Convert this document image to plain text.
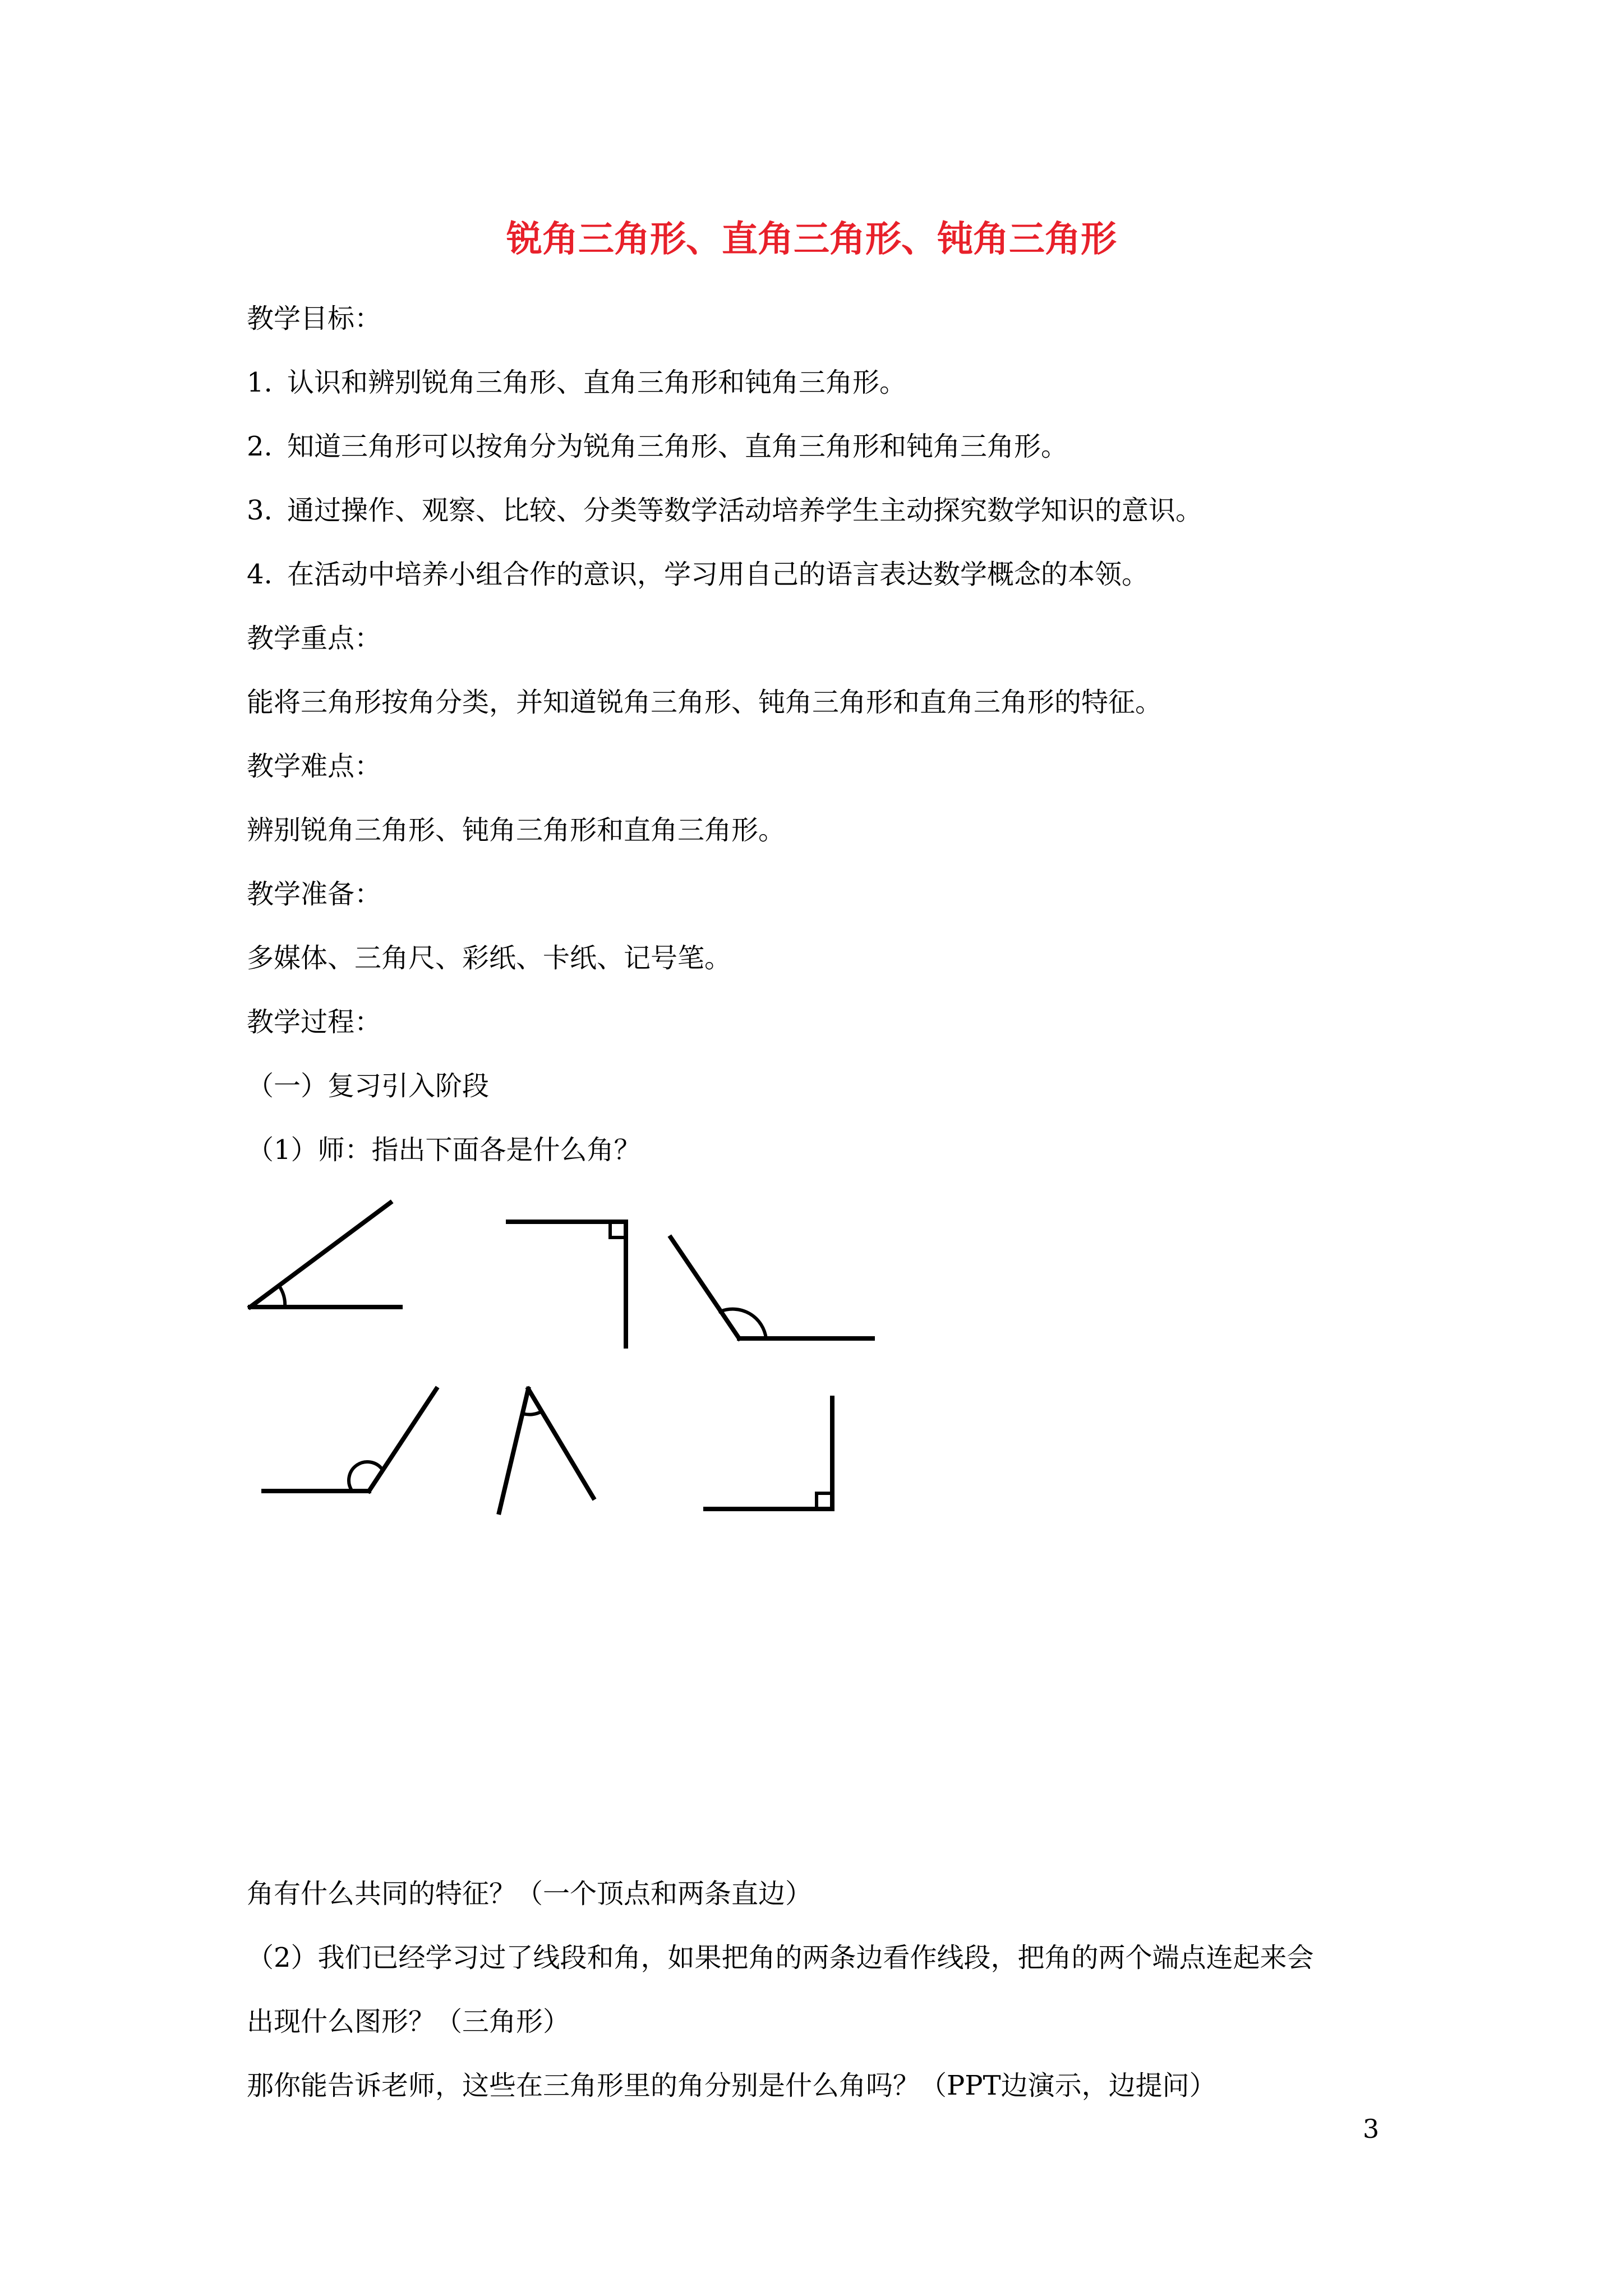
锐角三角形、直角三角形、钝角三角形
教学目标：
1. 认识和辨别锐角三角形、直角三角形和钝角三角形。
2. 知道三角形可以按角分为锐角三角形、直角三角形和钝角三角形。
3. 通过操作、观察、比较、分类等数学活动培养学生主动探究数学知识的意识。
4. 在活动中培养小组合作的意识，学习用自己的语言表达数学概念的本领。
教学重点：
能将三角形按角分类，并知道锐角三角形、钝角三角形和直角三角形的特征。
教学难点：
辨别锐角三角形、钝角三角形和直角三角形。
教学准备：
多媒体、三角尺、彩纸、卡纸、记号笔。
教学过程：
（一）复习引入阶段
（1）师：指出下面各是什么角？
角有什么共同的特征？（一个顶点和两条直边）
（2）我们已经学习过了线段和角，如果把角的两条边看作线段，把角的两个端点连起来会
出现什么图形？（三角形）
那你能告诉老师，这些在三角形里的角分别是什么角吗？（PPT边演示，边提问）
3
